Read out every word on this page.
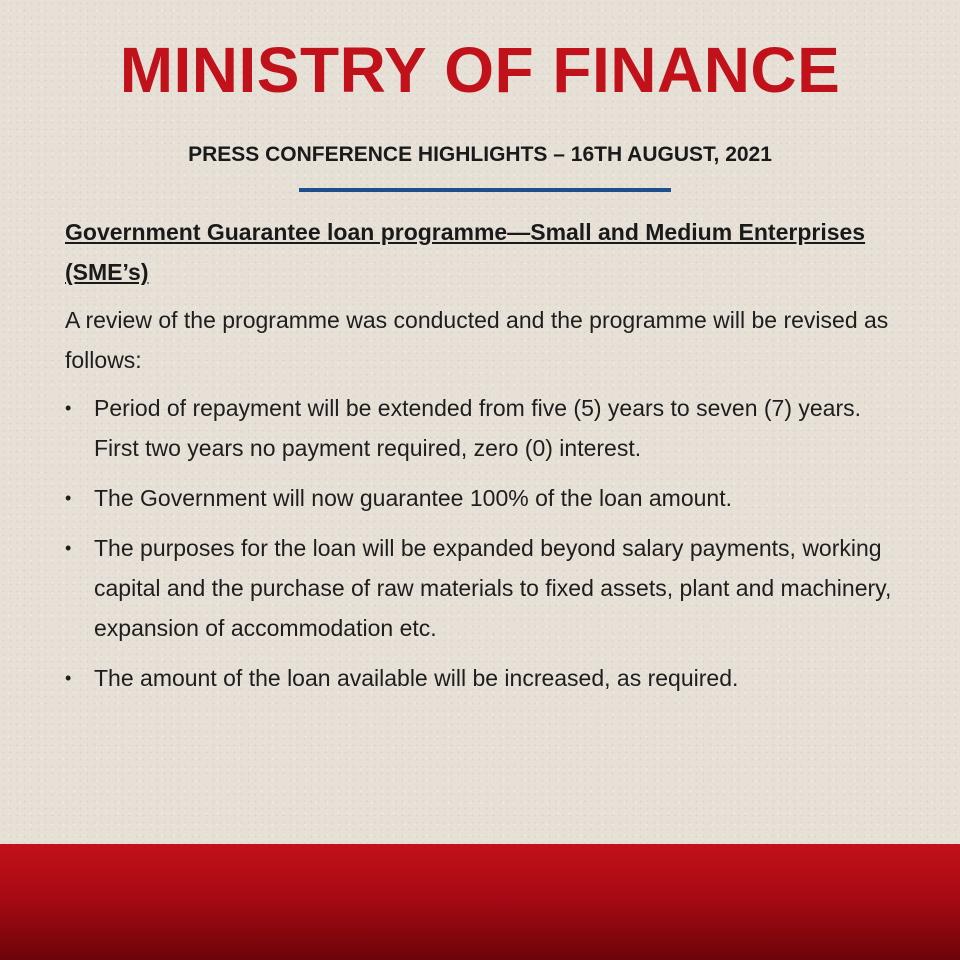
MINISTRY OF FINANCE
PRESS CONFERENCE HIGHLIGHTS – 16TH AUGUST, 2021

Government Guarantee loan programme—Small and Medium Enterprises (SME’s)

A review of the programme was conducted and the programme will be revised as follows:

• Period of repayment will be extended from five (5) years to seven (7) years. First two years no payment required, zero (0) interest.
• The Government will now guarantee 100% of the loan amount.
• The purposes for the loan will be expanded beyond salary payments, working capital and the purchase of raw materials to fixed assets, plant and machinery, expansion of accommodation etc.
• The amount of the loan available will be increased, as required.
